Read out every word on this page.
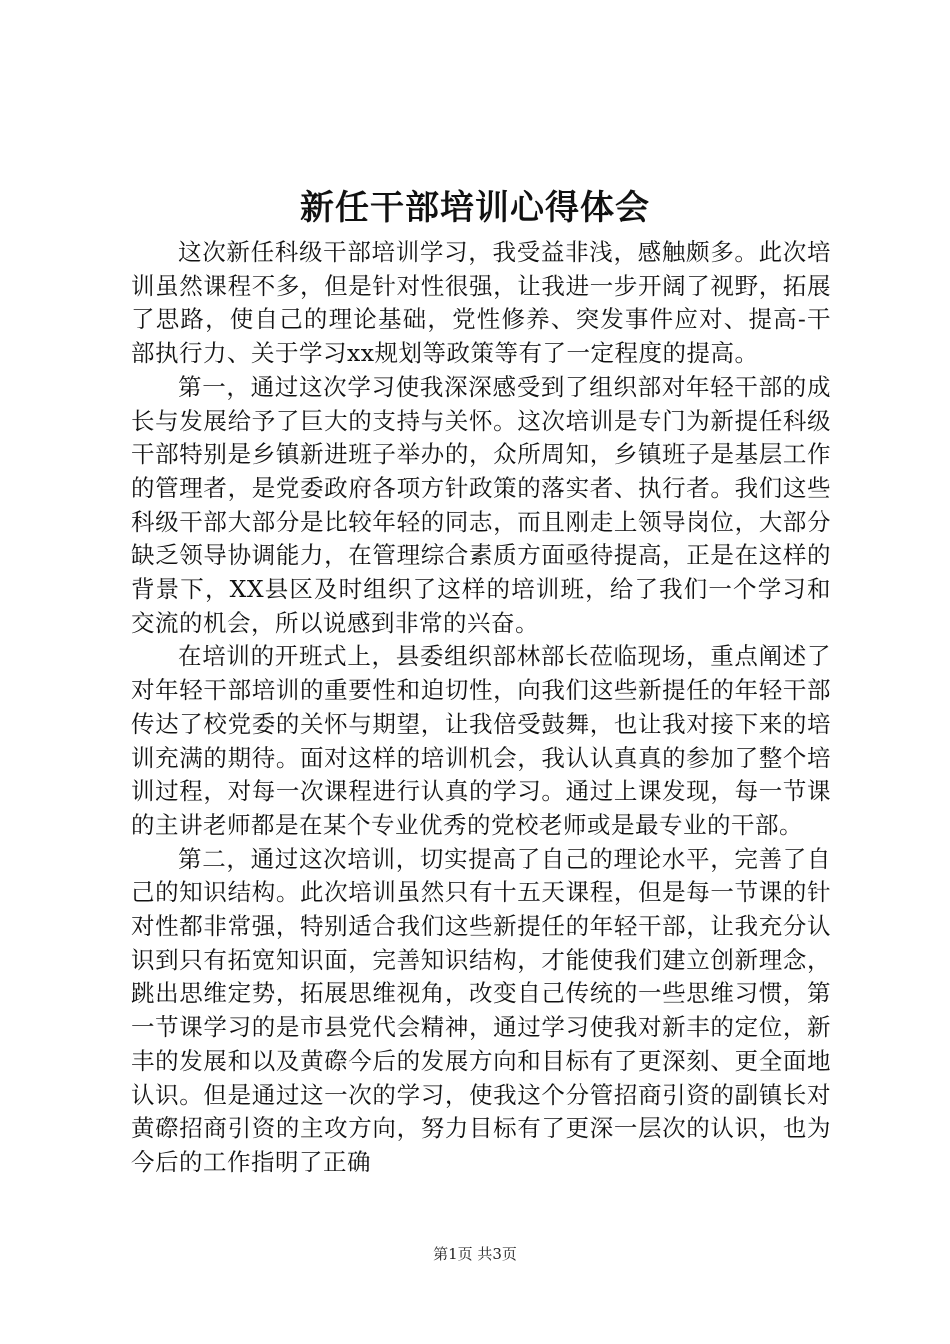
新任干部培训心得体会

这次新任科级干部培训学习，我受益非浅，感触颇多。此次培训虽然课程不多，但是针对性很强，让我进一步开阔了视野，拓展了思路，使自己的理论基础，党性修养、突发事件应对、提高-干部执行力、关于学习xx规划等政策等有了一定程度的提高。

第一，通过这次学习使我深深感受到了组织部对年轻干部的成长与发展给予了巨大的支持与关怀。这次培训是专门为新提任科级干部特别是乡镇新进班子举办的，众所周知，乡镇班子是基层工作的管理者，是党委政府各项方针政策的落实者、执行者。我们这些科级干部大部分是比较年轻的同志，而且刚走上领导岗位，大部分缺乏领导协调能力，在管理综合素质方面亟待提高，正是在这样的背景下，XX县区及时组织了这样的培训班，给了我们一个学习和交流的机会，所以说感到非常的兴奋。

在培训的开班式上，县委组织部林部长莅临现场，重点阐述了对年轻干部培训的重要性和迫切性，向我们这些新提任的年轻干部传达了校党委的关怀与期望，让我倍受鼓舞，也让我对接下来的培训充满的期待。面对这样的培训机会，我认认真真的参加了整个培训过程，对每一次课程进行认真的学习。通过上课发现，每一节课的主讲老师都是在某个专业优秀的党校老师或是最专业的干部。

第二，通过这次培训，切实提高了自己的理论水平，完善了自己的知识结构。此次培训虽然只有十五天课程，但是每一节课的针对性都非常强，特别适合我们这些新提任的年轻干部，让我充分认识到只有拓宽知识面，完善知识结构，才能使我们建立创新理念，跳出思维定势，拓展思维视角，改变自己传统的一些思维习惯，第一节课学习的是市县党代会精神，通过学习使我对新丰的定位，新丰的发展和以及黄磜今后的发展方向和目标有了更深刻、更全面地认识。但是通过这一次的学习，使我这个分管招商引资的副镇长对黄磜招商引资的主攻方向，努力目标有了更深一层次的认识，也为今后的工作指明了正确

第1页 共3页
